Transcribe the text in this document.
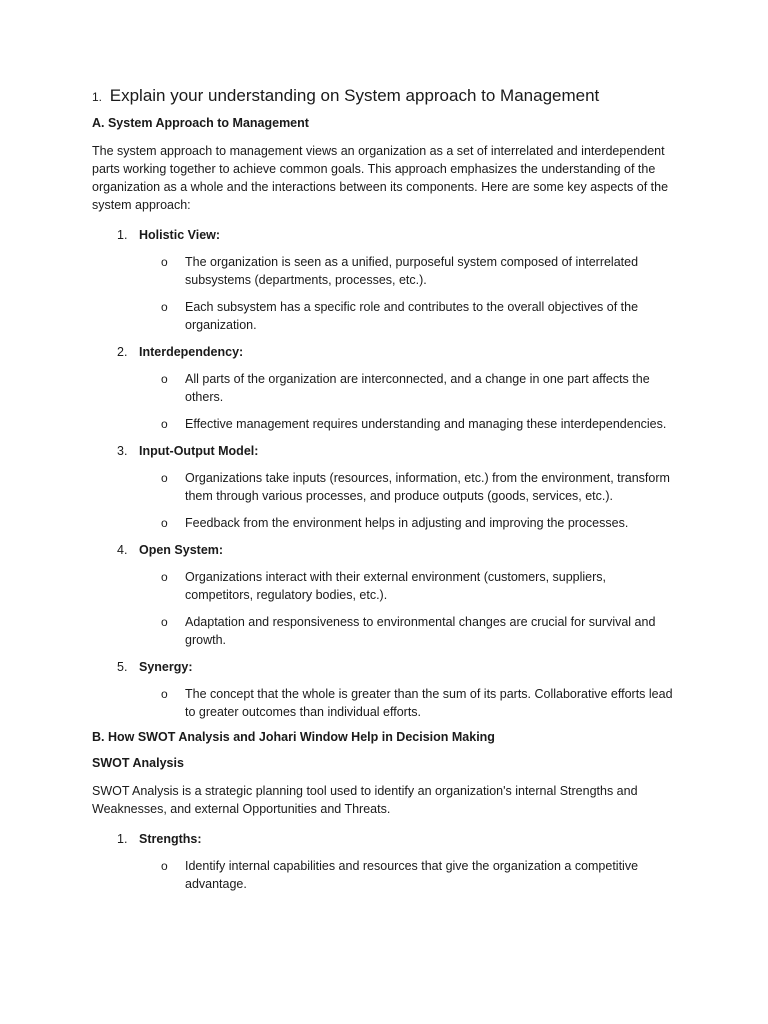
1. Explain your understanding on System approach to Management
A. System Approach to Management

The system approach to management views an organization as a set of interrelated and interdependent parts working together to achieve common goals. This approach emphasizes the understanding of the organization as a whole and the interactions between its components. Here are some key aspects of the system approach:

1. Holistic View:
o	The organization is seen as a unified, purposeful system composed of interrelated subsystems (departments, processes, etc.).
o	Each subsystem has a specific role and contributes to the overall objectives of the organization.
2. Interdependency:
o	All parts of the organization are interconnected, and a change in one part affects the others.
o	Effective management requires understanding and managing these interdependencies.
3. Input-Output Model:
o	Organizations take inputs (resources, information, etc.) from the environment, transform them through various processes, and produce outputs (goods, services, etc.).
o	Feedback from the environment helps in adjusting and improving the processes.
4. Open System:
o	Organizations interact with their external environment (customers, suppliers, competitors, regulatory bodies, etc.).
o	Adaptation and responsiveness to environmental changes are crucial for survival and growth.
5. Synergy:
o	The concept that the whole is greater than the sum of its parts. Collaborative efforts lead to greater outcomes than individual efforts.
B. How SWOT Analysis and Johari Window Help in Decision Making
SWOT Analysis

SWOT Analysis is a strategic planning tool used to identify an organization's internal Strengths and Weaknesses, and external Opportunities and Threats.

1. Strengths:
o	Identify internal capabilities and resources that give the organization a competitive advantage.
